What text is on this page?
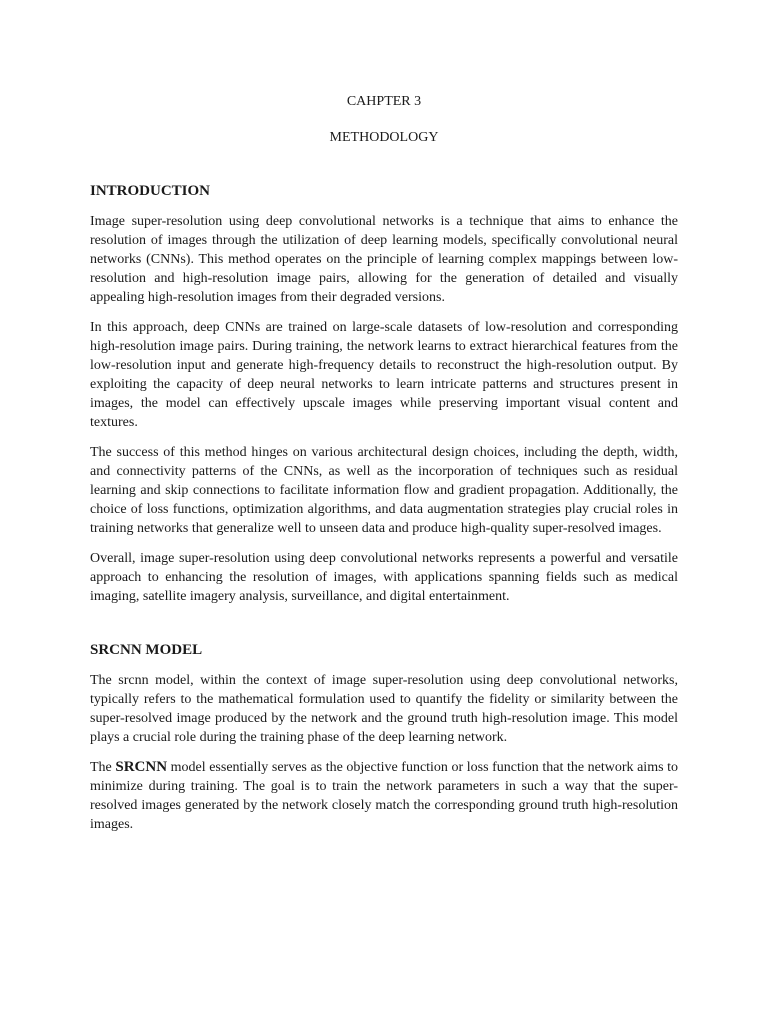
CAHPTER 3

METHODOLOGY

INTRODUCTION

Image super-resolution using deep convolutional networks is a technique that aims to enhance the resolution of images through the utilization of deep learning models, specifically convolutional neural networks (CNNs). This method operates on the principle of learning complex mappings between low-resolution and high-resolution image pairs, allowing for the generation of detailed and visually appealing high-resolution images from their degraded versions.

In this approach, deep CNNs are trained on large-scale datasets of low-resolution and corresponding high-resolution image pairs. During training, the network learns to extract hierarchical features from the low-resolution input and generate high-frequency details to reconstruct the high-resolution output. By exploiting the capacity of deep neural networks to learn intricate patterns and structures present in images, the model can effectively upscale images while preserving important visual content and textures.

The success of this method hinges on various architectural design choices, including the depth, width, and connectivity patterns of the CNNs, as well as the incorporation of techniques such as residual learning and skip connections to facilitate information flow and gradient propagation. Additionally, the choice of loss functions, optimization algorithms, and data augmentation strategies play crucial roles in training networks that generalize well to unseen data and produce high-quality super-resolved images.

Overall, image super-resolution using deep convolutional networks represents a powerful and versatile approach to enhancing the resolution of images, with applications spanning fields such as medical imaging, satellite imagery analysis, surveillance, and digital entertainment.

SRCNN MODEL

The srcnn model, within the context of image super-resolution using deep convolutional networks, typically refers to the mathematical formulation used to quantify the fidelity or similarity between the super-resolved image produced by the network and the ground truth high-resolution image. This model plays a crucial role during the training phase of the deep learning network.

The SRCNN model essentially serves as the objective function or loss function that the network aims to minimize during training. The goal is to train the network parameters in such a way that the super-resolved images generated by the network closely match the corresponding ground truth high-resolution images.
